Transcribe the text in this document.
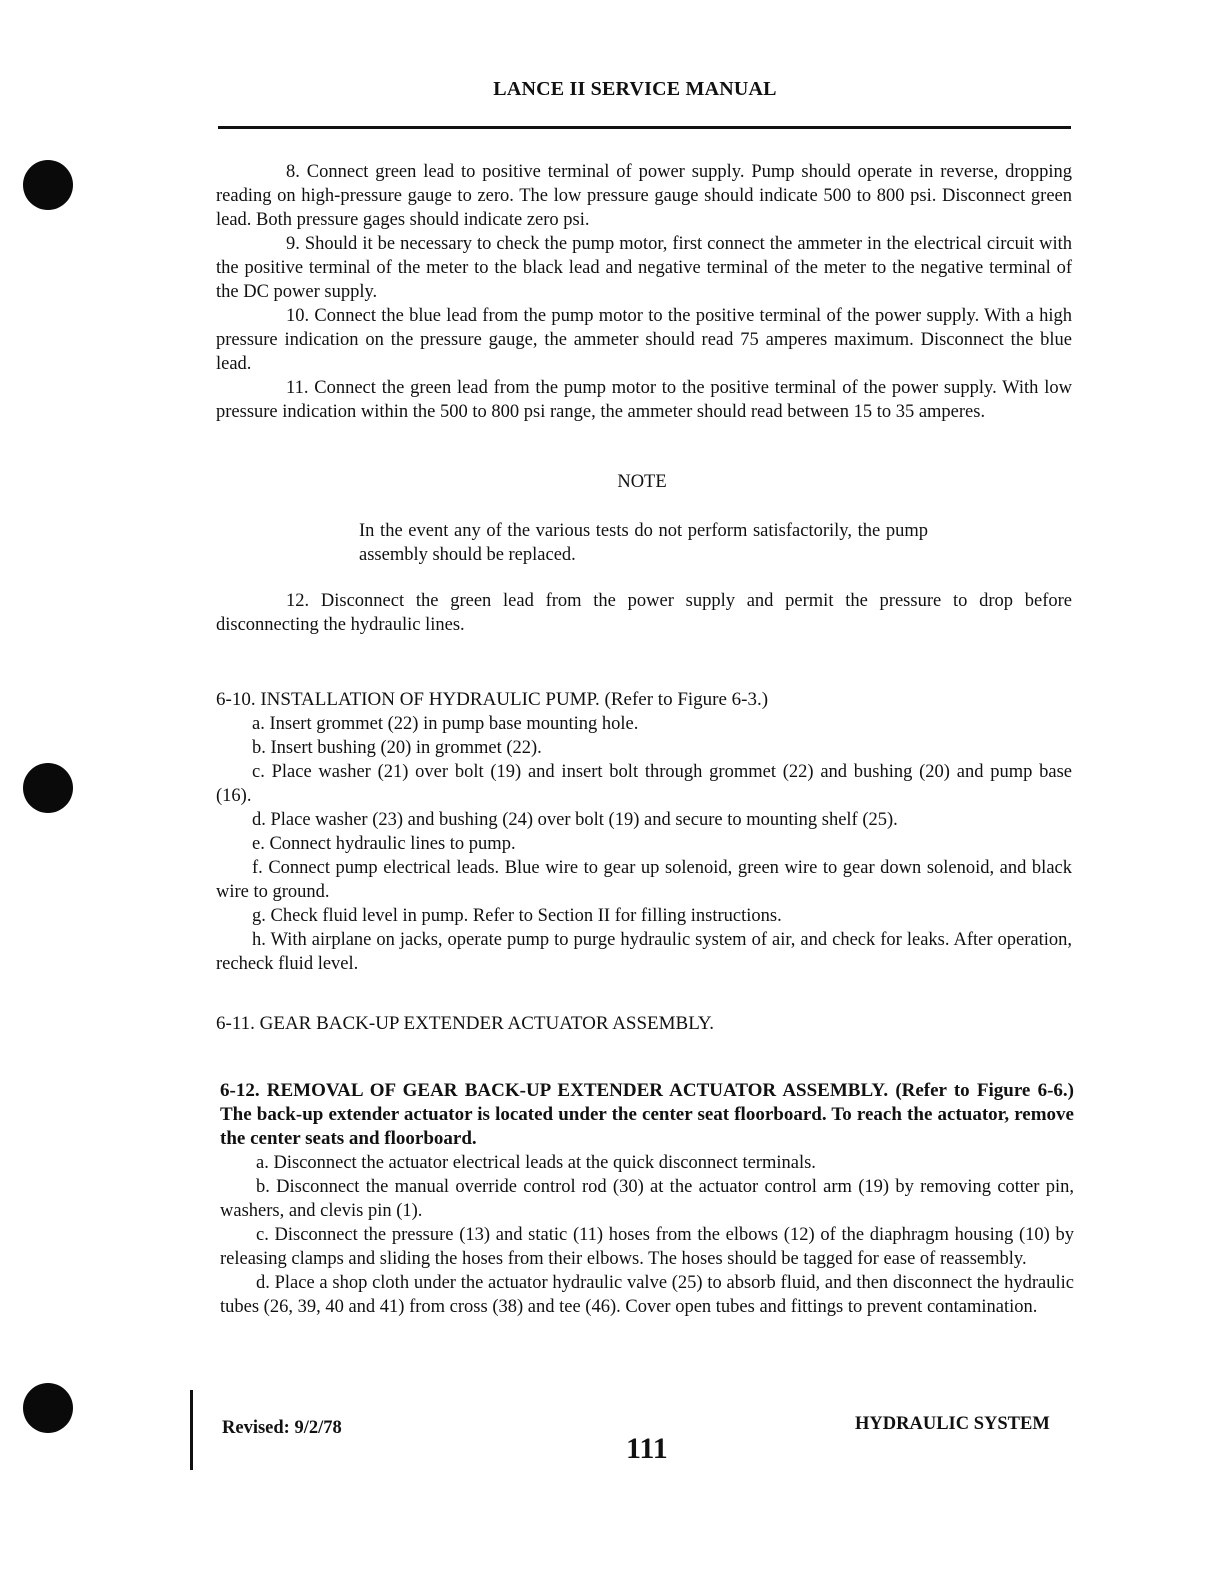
LANCE II SERVICE MANUAL

8. Connect green lead to positive terminal of power supply. Pump should operate in reverse, dropping reading on high-pressure gauge to zero. The low pressure gauge should indicate 500 to 800 psi. Disconnect green lead. Both pressure gages should indicate zero psi.

9. Should it be necessary to check the pump motor, first connect the ammeter in the electrical circuit with the positive terminal of the meter to the black lead and negative terminal of the meter to the negative terminal of the DC power supply.

10. Connect the blue lead from the pump motor to the positive terminal of the power supply. With a high pressure indication on the pressure gauge, the ammeter should read 75 amperes maximum. Disconnect the blue lead.

11. Connect the green lead from the pump motor to the positive terminal of the power supply. With low pressure indication within the 500 to 800 psi range, the ammeter should read between 15 to 35 amperes.

NOTE
In the event any of the various tests do not perform satisfactorily, the pump assembly should be replaced.

12. Disconnect the green lead from the power supply and permit the pressure to drop before disconnecting the hydraulic lines.

6-10. INSTALLATION OF HYDRAULIC PUMP. (Refer to Figure 6-3.)

a. Insert grommet (22) in pump base mounting hole.

b. Insert bushing (20) in grommet (22).

c. Place washer (21) over bolt (19) and insert bolt through grommet (22) and bushing (20) and pump base (16).

d. Place washer (23) and bushing (24) over bolt (19) and secure to mounting shelf (25).

e. Connect hydraulic lines to pump.

f. Connect pump electrical leads. Blue wire to gear up solenoid, green wire to gear down solenoid, and black wire to ground.

g. Check fluid level in pump. Refer to Section II for filling instructions.

h. With airplane on jacks, operate pump to purge hydraulic system of air, and check for leaks. After operation, recheck fluid level.

6-11. GEAR BACK-UP EXTENDER ACTUATOR ASSEMBLY.

6-12. REMOVAL OF GEAR BACK-UP EXTENDER ACTUATOR ASSEMBLY. (Refer to Figure 6-6.) The back-up extender actuator is located under the center seat floorboard. To reach the actuator, remove the center seats and floorboard.

a. Disconnect the actuator electrical leads at the quick disconnect terminals.

b. Disconnect the manual override control rod (30) at the actuator control arm (19) by removing cotter pin, washers, and clevis pin (1).

c. Disconnect the pressure (13) and static (11) hoses from the elbows (12) of the diaphragm housing (10) by releasing clamps and sliding the hoses from their elbows. The hoses should be tagged for ease of reassembly.

d. Place a shop cloth under the actuator hydraulic valve (25) to absorb fluid, and then disconnect the hydraulic tubes (26, 39, 40 and 41) from cross (38) and tee (46). Cover open tubes and fittings to prevent contamination.

Revised: 9/2/78
111
HYDRAULIC SYSTEM
